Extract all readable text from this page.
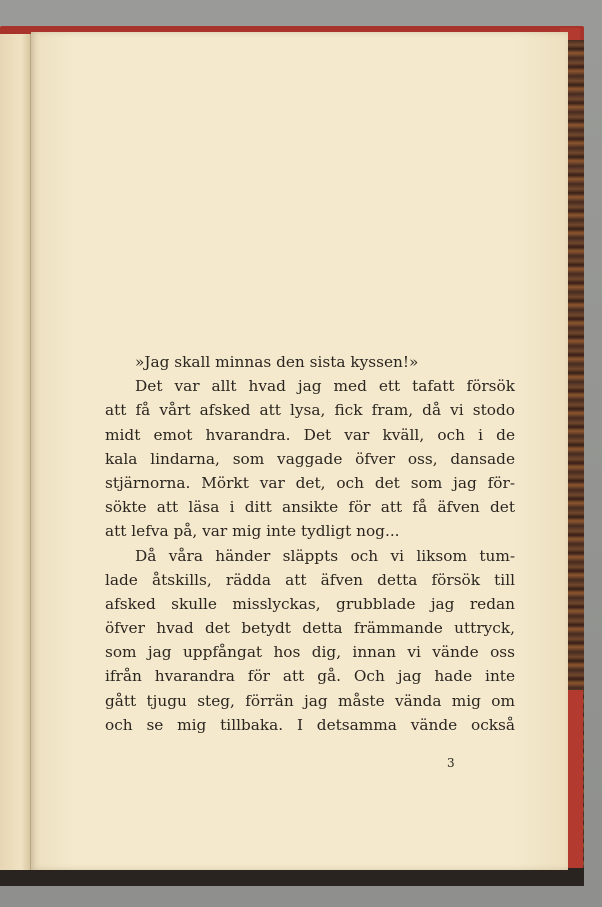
»Jag skall minnas den sista kyssen!»
Det var allt hvad jag med ett tafatt försök
att få vårt afsked att lysa, fick fram, då vi stodo
midt emot hvarandra. Det var kväll, och i de
kala lindarna, som vaggade öfver oss, dansade
stjärnorna. Mörkt var det, och det som jag för-
sökte att läsa i ditt ansikte för att få äfven det
att lefva på, var mig inte tydligt nog...
Då våra händer släppts och vi liksom tum-
lade åtskills, rädda att äfven detta försök till
afsked skulle misslyckas, grubblade jag redan
öfver hvad det betydt detta främmande uttryck,
som jag uppfångat hos dig, innan vi vände oss
ifrån hvarandra för att gå. Och jag hade inte
gått tjugu steg, förrän jag måste vända mig om
och se mig tillbaka. I detsamma vände också
3
